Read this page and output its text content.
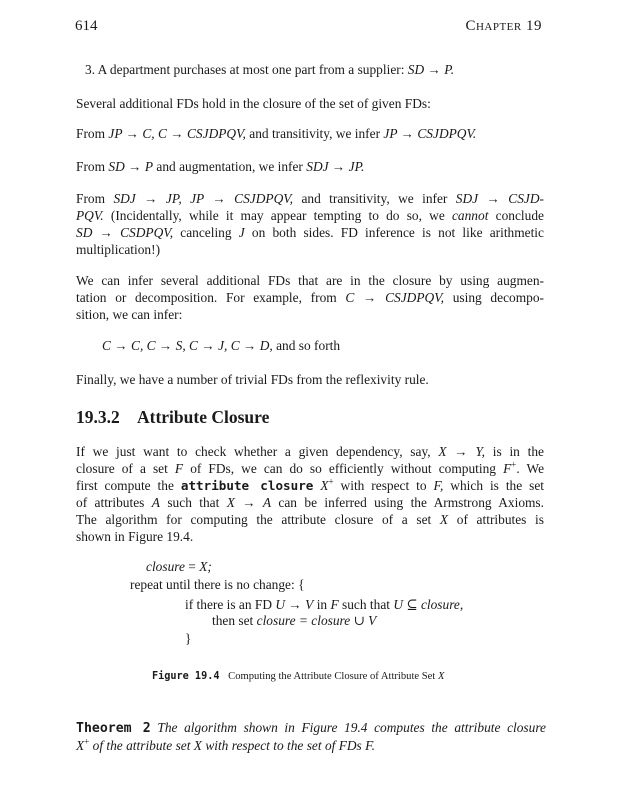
614	Chapter 19
3. A department purchases at most one part from a supplier: SD → P.
Several additional FDs hold in the closure of the set of given FDs:
From JP → C, C → CSJDPQV, and transitivity, we infer JP → CSJDPQV.
From SD → P and augmentation, we infer SDJ → JP.
From SDJ → JP, JP → CSJDPQV, and transitivity, we infer SDJ → CSJD-
PQV. (Incidentally, while it may appear tempting to do so, we cannot conclude
SD → CSDPQV, canceling J on both sides. FD inference is not like arithmetic
multiplication!)
We can infer several additional FDs that are in the closure by using augmen-
tation or decomposition. For example, from C → CSJDPQV, using decompo-
sition, we can infer:
C → C, C → S, C → J, C → D, and so forth
Finally, we have a number of trivial FDs from the reflexivity rule.
19.3.2 Attribute Closure
If we just want to check whether a given dependency, say, X → Y, is in the
closure of a set F of FDs, we can do so efficiently without computing F+. We
first compute the attribute closure X+ with respect to F, which is the set
of attributes A such that X → A can be inferred using the Armstrong Axioms.
The algorithm for computing the attribute closure of a set X of attributes is
shown in Figure 19.4.
closure = X;
repeat until there is no change: {
if there is an FD U → V in F such that U ⊆ closure,
then set closure = closure ∪ V
}
Figure 19.4 Computing the Attribute Closure of Attribute Set X
Theorem 2 The algorithm shown in Figure 19.4 computes the attribute closure
X+ of the attribute set X with respect to the set of FDs F.
